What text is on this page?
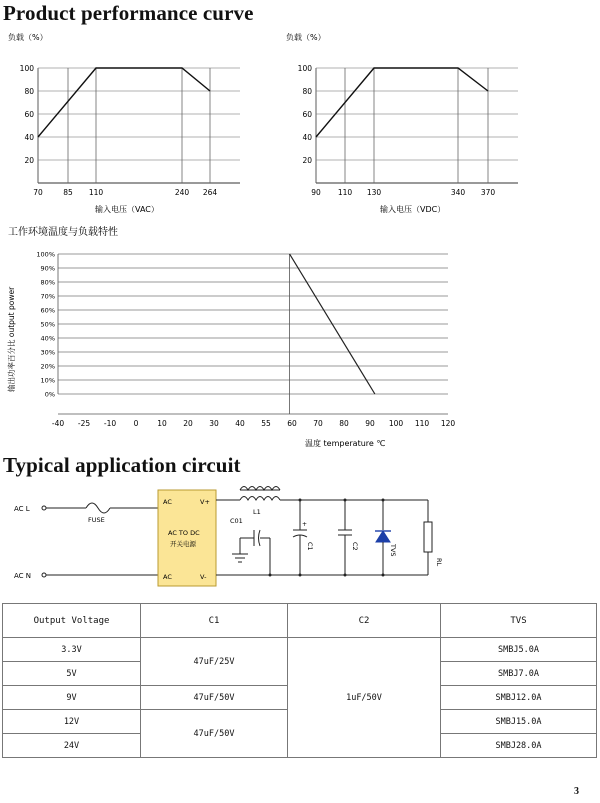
Product performance curve
负载（%）
100
80
60
40
20
70	85 110	240 264
输入电压（VAC）
负载（%）
100
80
60
40
20
90 110 130	340 370
输入电压（VDC）
工作环境温度与负载特性
输出功率百分比 output power
100%
90%
80%
70%
60%
50%
40%
30%
20%
10%
0%
-40 -25 -10 0	10 20 30 40 55 60 70 80 90 100 110 120
温度 temperature ℃
Typical application circuit
AC L
AC N
FUSE
AC
AC
V+
V-
AC TO DC
开关电源
L1
C01
C1
+
C2	TVS
RL
Output Voltage	C1	C2	TVS
3.3V	47uF/25V	1uF/50V	SMBJ5.0A
5V			SMBJ7.0A
9V	47uF/50V		SMBJ12.0A
12V	47uF/50V		SMBJ15.0A
24V			SMBJ28.0A
3
